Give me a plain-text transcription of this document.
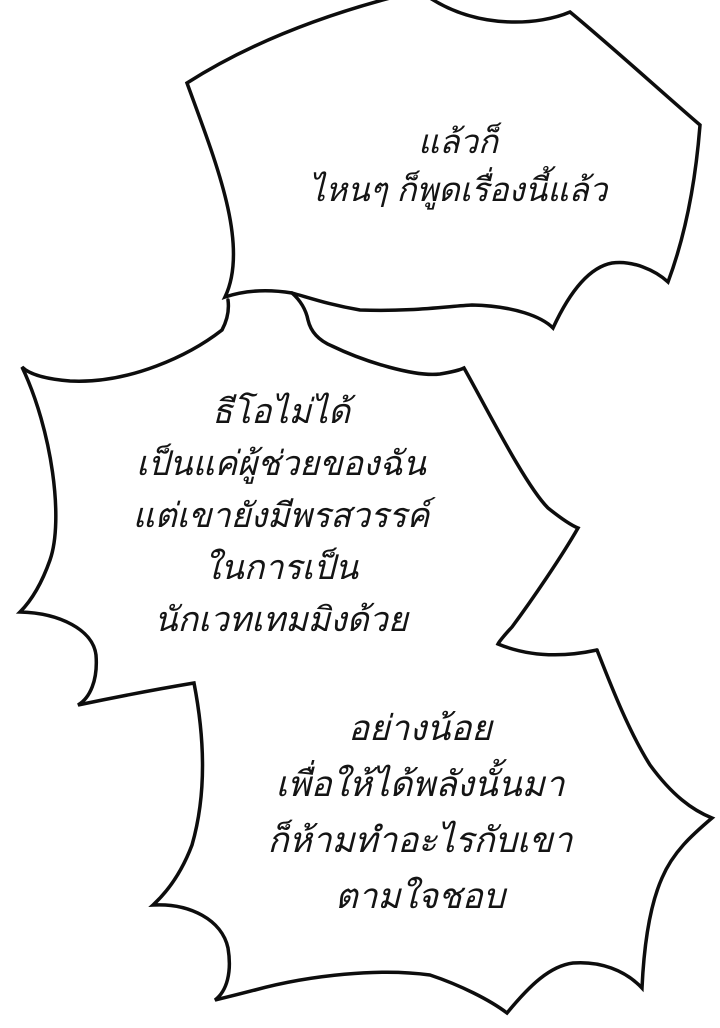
แล้วก็
ไหนๆ ก็พูดเรื่องนี้แล้ว
ธีโอไม่ได้
เป็นแค่ผู้ช่วยของฉัน
แต่เขายังมีพรสวรรค์
ในการเป็น
นักเวทเทมมิงด้วย
อย่างน้อย
เพื่อให้ได้พลังนั้นมา
ก็ห้ามทำอะไรกับเขา
ตามใจชอบ
